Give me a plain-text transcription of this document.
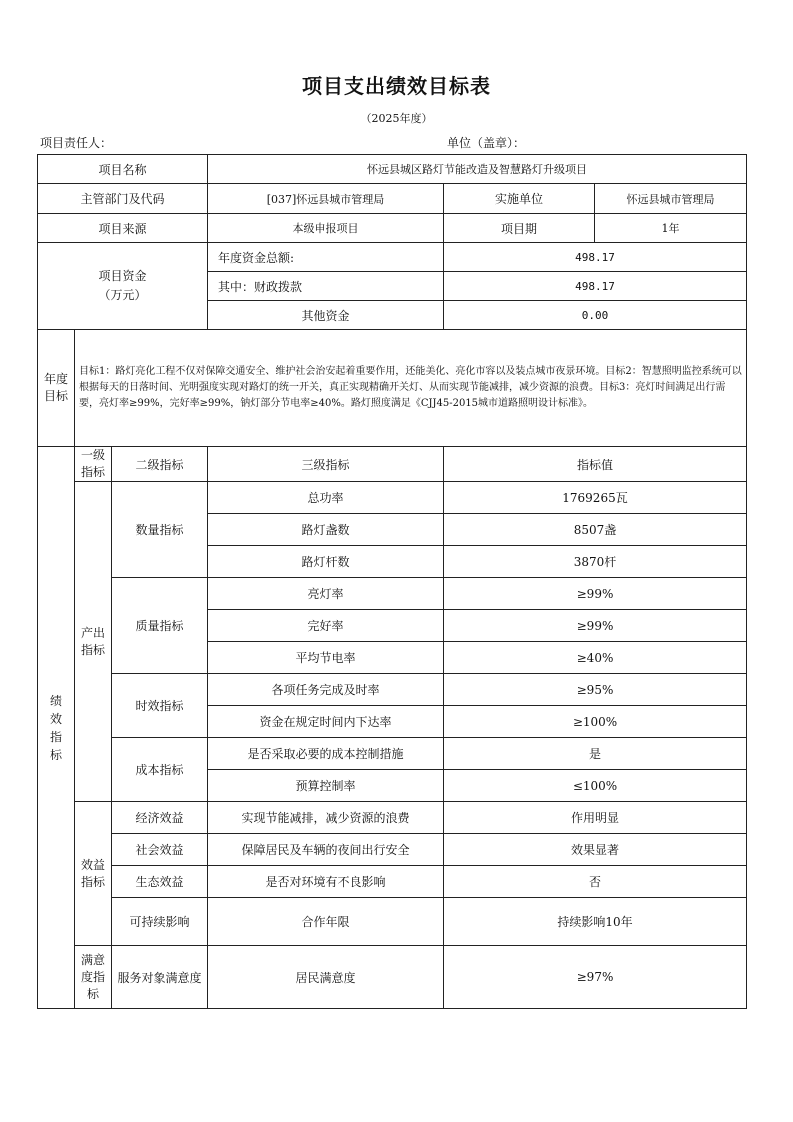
项目支出绩效目标表
（2025年度）
项目责任人：	单位（盖章）：
项目名称			怀远县城区路灯节能改造及智慧路灯升级项目		
主管部门及代码			[037]怀远县城市管理局	实施单位	怀远县城市管理局
项目来源			本级申报项目	项目期	1年
项目资金（万元）			年度资金总额:	498.17	
			其中：财政拨款	498.17	
			其他资金	0.00	
年度目标	目标1：路灯亮化工程不仅对保障交通安全、维护社会治安起着重要作用，还能美化、亮化市容以及装点城市夜景环境。目标2：智慧照明监控系统可以根据每天的日落时间、光明强度实现对路灯的统一开关，真正实现精确开关灯、从而实现节能减排，减少资源的浪费。目标3：亮灯时间满足出行需要，亮灯率≥99%，完好率≥99%，钠灯部分节电率≥40%。路灯照度满足《CJJ45-2015城市道路照明设计标准》。				
绩效指标	一级指标	二级指标	三级指标	指标值	
	产出指标	数量指标	总功率	1769265瓦	
			路灯盏数	8507盏	
			路灯杆数	3870杆	
		质量指标	亮灯率	≥99%	
			完好率	≥99%	
			平均节电率	≥40%	
		时效指标	各项任务完成及时率	≥95%	
			资金在规定时间内下达率	≥100%	
		成本指标	是否采取必要的成本控制措施	是	
			预算控制率	≤100%	
	效益指标	经济效益	实现节能减排，减少资源的浪费	作用明显	
		社会效益	保障居民及车辆的夜间出行安全	效果显著	
		生态效益	是否对环境有不良影响	否	
		可持续影响	合作年限	持续影响10年	
	满意度指标	服务对象满意度	居民满意度	≥97%	
